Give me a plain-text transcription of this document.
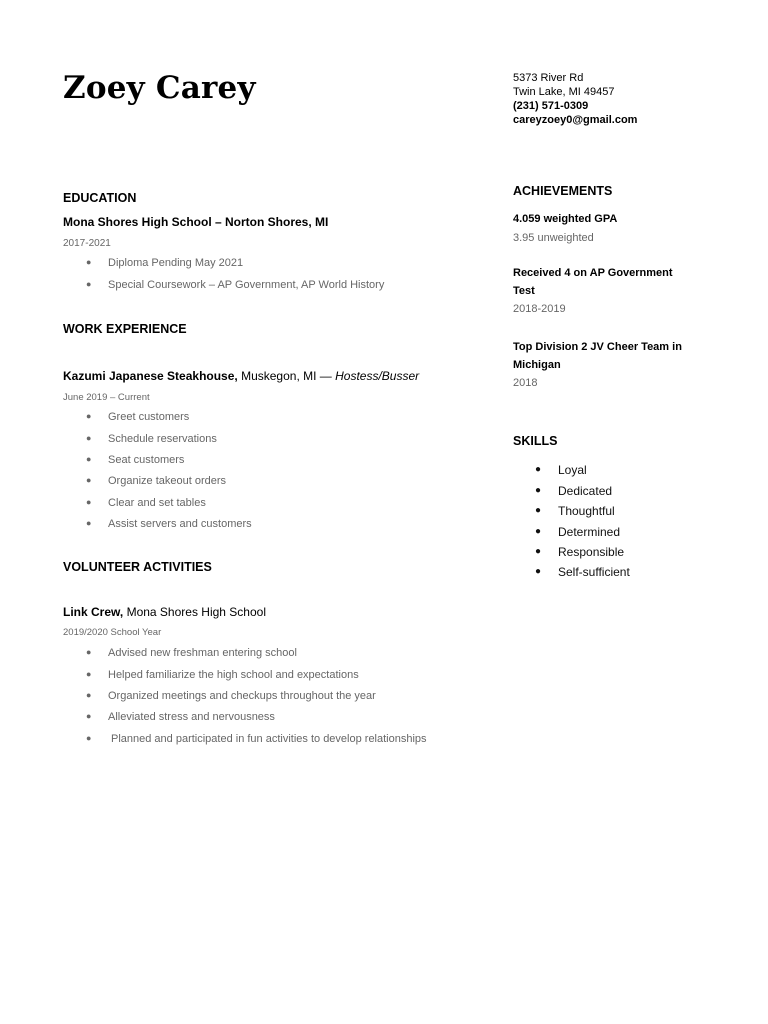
Zoey Carey	5373 River Rd
Twin Lake, MI 49457
(231) 571-0309
careyzoey0@gmail.com
EDUCATION
Mona Shores High School – Norton Shores, MI
2017-2021
● Diploma Pending May 2021
● Special Coursework – AP Government, AP World History
WORK EXPERIENCE
Kazumi Japanese Steakhouse, Muskegon, MI — Hostess/Busser
June 2019 – Current
● Greet customers
● Schedule reservations
● Seat customers
● Organize takeout orders
● Clear and set tables
● Assist servers and customers
VOLUNTEER ACTIVITIES
Link Crew, Mona Shores High School
2019/2020 School Year
● Advised new freshman entering school
● Helped familiarize the high school and expectations
● Organized meetings and checkups throughout the year
● Alleviated stress and nervousness
● Planned and participated in fun activities to develop relationships
ACHIEVEMENTS
4.059 weighted GPA
3.95 unweighted
Received 4 on AP Government Test
2018-2019
Top Division 2 JV Cheer Team in Michigan
2018
SKILLS
● Loyal
● Dedicated
● Thoughtful
● Determined
● Responsible
● Self-sufficient
